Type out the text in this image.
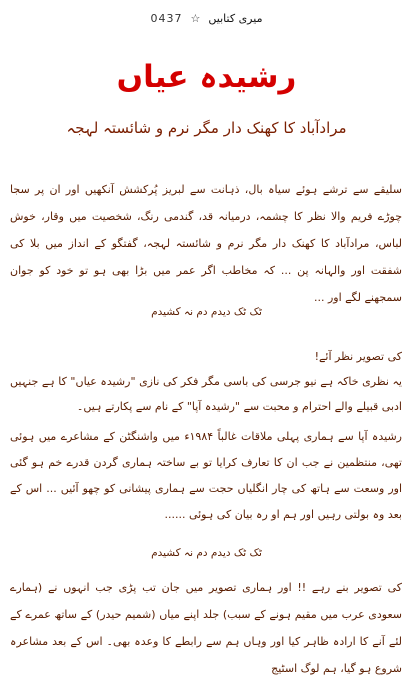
0437 ☆ میری کتابیں
رشیدہ عیاں
مرادآباد کا کھنک دار مگر نرم و شائستہ لہجہ

سلیقے سے ترشے ہوئے سیاہ بال، ذہانت سے لبریز پُرکشش آنکھیں اور ان پر سجا چوڑے فریم والا نظر کا چشمہ، درمیانہ قد، گندمی رنگ، شخصیت میں وقار، خوش لباس، مرادآباد کا کھنک دار مگر نرم و شائستہ لہجہ، گفتگو کے انداز میں بلا کی شفقت اور والہانہ پن ... کہ مخاطب اگر عمر میں بڑا بھی ہو تو خود کو جوان سمجھنے لگے اور ...

ٹک ٹک دیدم دم نہ کشیدم

کی تصویر نظر آئے!

یہ نظری خاکہ ہے نیو جرسی کی باسی مگر فکر کی نازی "رشیدہ عیاں" کا ہے جنہیں ادبی قبیلے والے احترام و محبت سے "رشیدہ آپا" کے نام سے پکارتے ہیں۔

رشیدہ آپا سے ہماری پہلی ملاقات غالباً ۱۹۸۴ء میں واشنگٹن کے مشاعرے میں ہوئی تھی، منتظمین نے جب ان کا تعارف کرایا تو بے ساختہ ہماری گردن قدرے خم ہو گئی اور وسعت سے ہاتھ کی چار انگلیاں حجت سے ہماری پیشانی کو چھو آئیں ... اس کے بعد وہ بولتی رہیں اور ہم او رہ بیان کی ہوئی ......

ٹک ٹک دیدم دم نہ کشیدم

کی تصویر بنے رہے !! اور ہماری تصویر میں جان تب پڑی جب انہوں نے (ہمارے سعودی عرب میں مقیم ہونے کے سبب) جلد اپنے میاں (شمیم حیدر) کے ساتھ عمرے کے لئے آنے کا ارادہ ظاہر کیا اور وہاں ہم سے رابطے کا وعدہ بھی۔ اس کے بعد مشاعرہ شروع ہو گیا، ہم لوگ اسٹیج
